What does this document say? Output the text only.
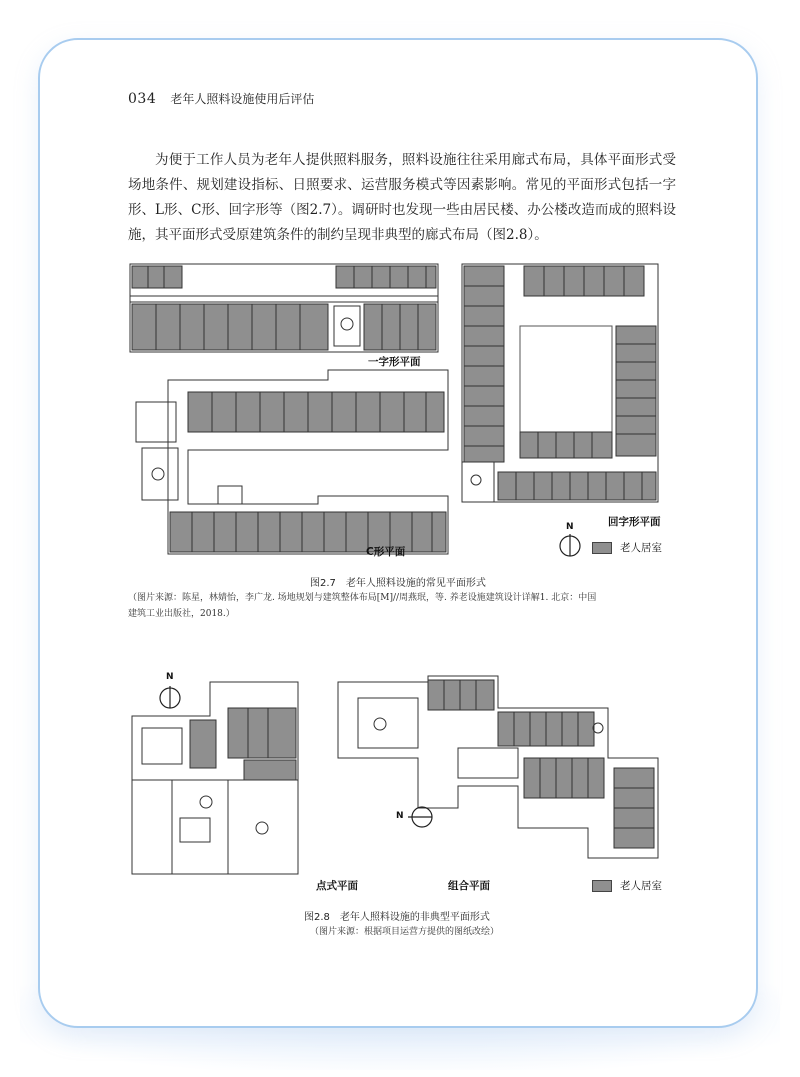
034 老年人照料设施使用后评估
为便于工作人员为老年人提供照料服务，照料设施往往采用廊式布局，具体平面形式受场地条件、规划建设指标、日照要求、运营服务模式等因素影响。常见的平面形式包括一字形、L形、C形、回字形等（图2.7）。调研时也发现一些由居民楼、办公楼改造而成的照料设施，其平面形式受原建筑条件的制约呈现非典型的廊式布局（图2.8）。
一字形平面
C形平面
回字形平面
N
老人居室
图2.7　老年人照料设施的常见平面形式
（图片来源：陈星，林婧怡，李广龙. 场地规划与建筑整体布局[M]//周燕珉，等. 养老设施建筑设计详解1. 北京：中国
建筑工业出版社，2018.）
N
N
点式平面	组合平面	老人居室
图2.8　老年人照料设施的非典型平面形式
（图片来源：根据项目运营方提供的图纸改绘）
